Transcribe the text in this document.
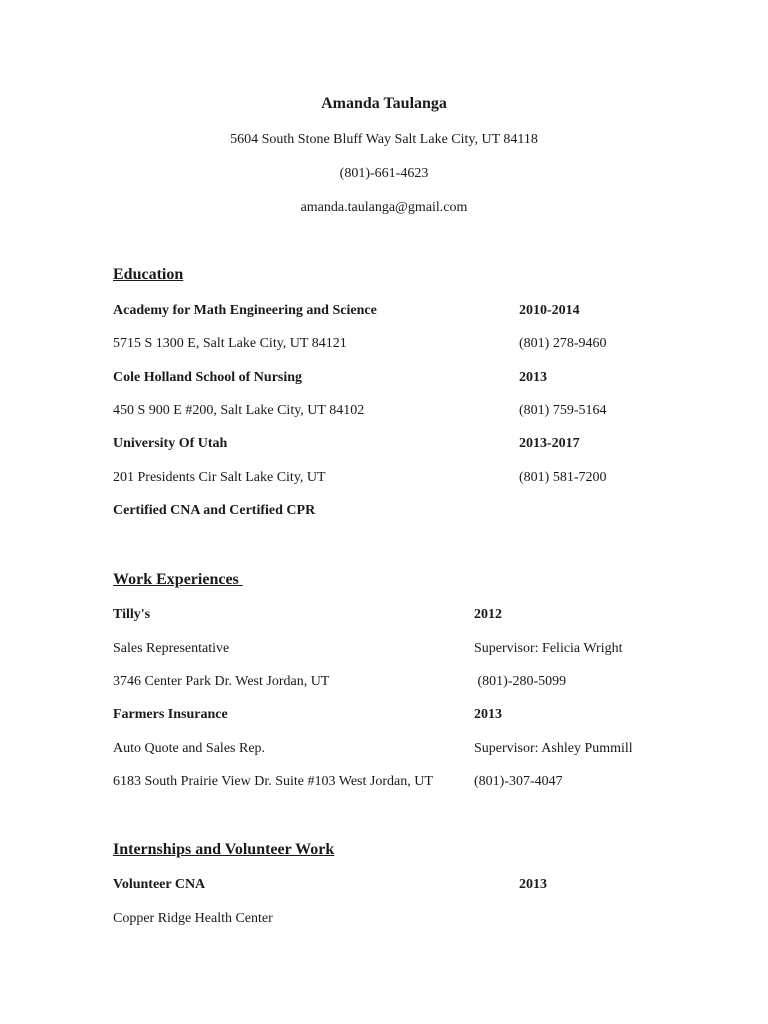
Amanda Taulanga
5604 South Stone Bluff Way Salt Lake City, UT 84118
(801)-661-4623
amanda.taulanga@gmail.com
Education
Academy for Math Engineering and Science	2010-2014
5715 S 1300 E, Salt Lake City, UT 84121	(801) 278-9460
Cole Holland School of Nursing	2013
450 S 900 E #200, Salt Lake City, UT 84102	(801) 759-5164
University Of Utah	2013-2017
201 Presidents Cir Salt Lake City, UT	(801) 581-7200
Certified CNA and Certified CPR
Work Experiences
Tilly's	2012
Sales Representative	Supervisor: Felicia Wright
3746 Center Park Dr. West Jordan, UT	(801)-280-5099
Farmers Insurance	2013
Auto Quote and Sales Rep.	Supervisor: Ashley Pummill
6183 South Prairie View Dr. Suite #103 West Jordan, UT	(801)-307-4047
Internships and Volunteer Work
Volunteer CNA	2013
Copper Ridge Health Center
